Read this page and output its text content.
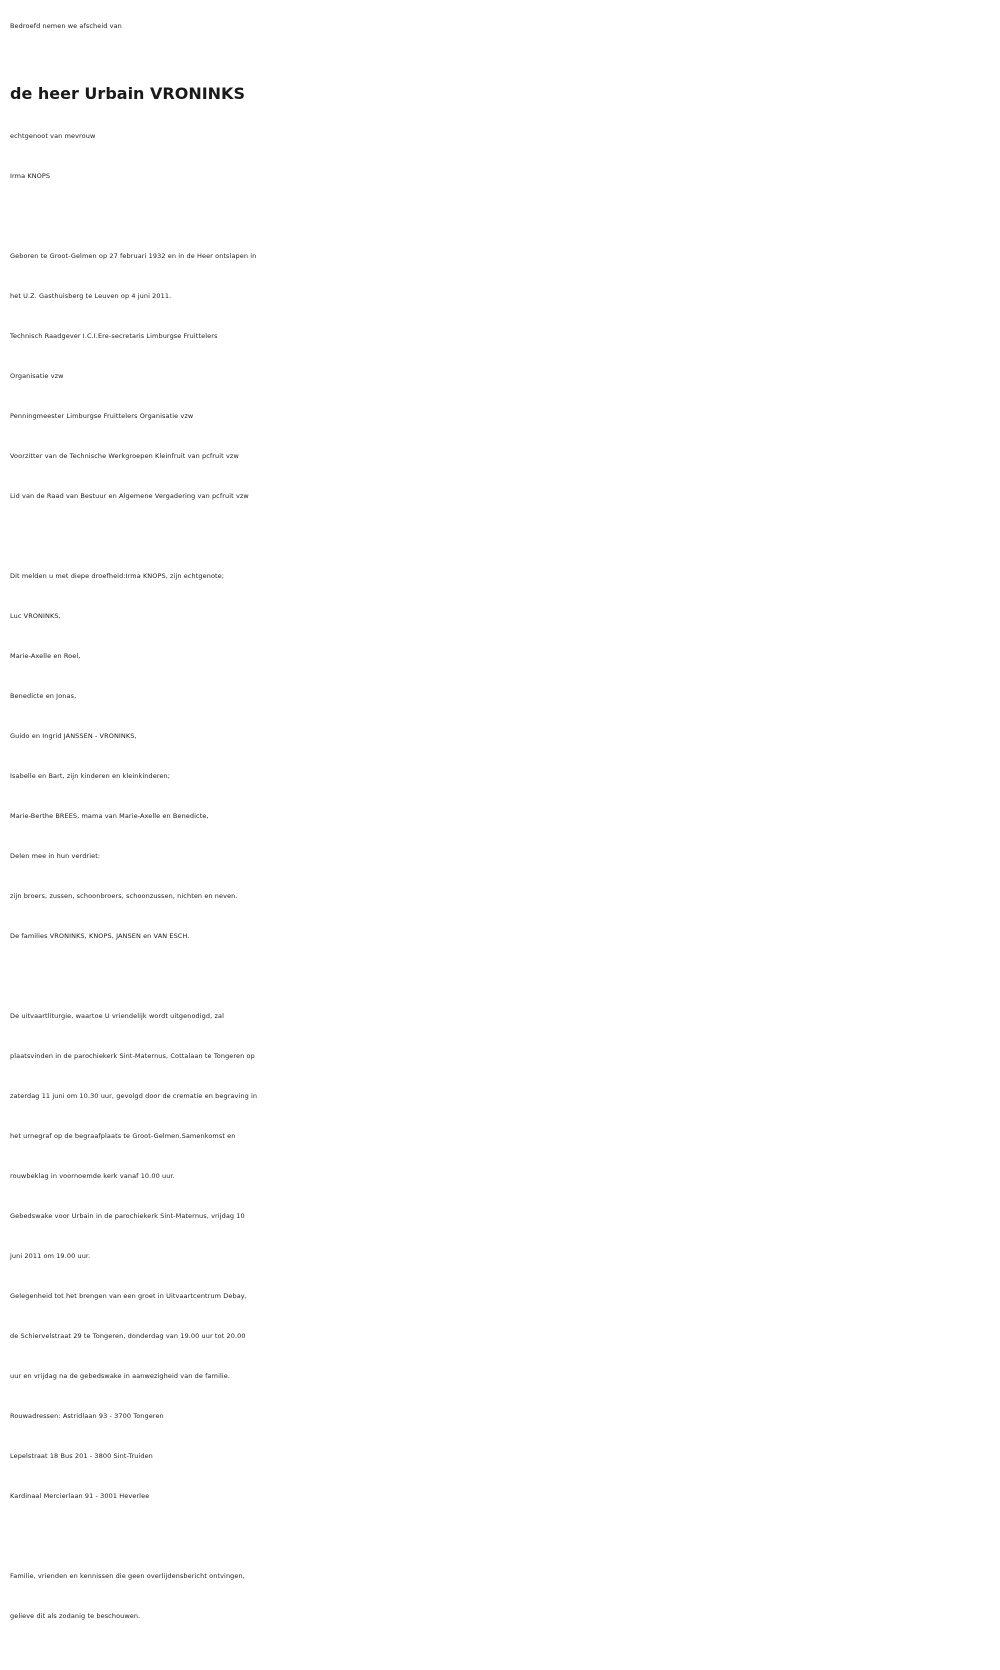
Bedroefd nemen we afscheid van
de heer Urbain VRONINKS
echtgenoot van mevrouw
Irma KNOPS
Geboren te Groot-Gelmen op 27 februari 1932 en in de Heer ontslapen in
het U.Z. Gasthuisberg te Leuven op 4 juni 2011.
Technisch Raadgever I.C.I.Ere-secretaris Limburgse Fruittelers
Organisatie vzw
Penningmeester Limburgse Fruittelers Organisatie vzw
Voorzitter van de Technische Werkgroepen Kleinfruit van pcfruit vzw
Lid van de Raad van Bestuur en Algemene Vergadering van pcfruit vzw
Dit melden u met diepe droefheid:Irma KNOPS, zijn echtgenote;
Luc VRONINKS,
Marie-Axelle en Roel,
Benedicte en Jonas,
Guido en Ingrid JANSSEN - VRONINKS,
Isabelle en Bart, zijn kinderen en kleinkinderen;
Marie-Berthe BREES, mama van Marie-Axelle en Benedicte,
Delen mee in hun verdriet:
zijn broers, zussen, schoonbroers, schoonzussen, nichten en neven.
De families VRONINKS, KNOPS, JANSEN en VAN ESCH.
De uitvaartliturgie, waartoe U vriendelijk wordt uitgenodigd, zal
plaatsvinden in de parochiekerk Sint-Maternus, Cottalaan te Tongeren op
zaterdag 11 juni om 10.30 uur, gevolgd door de crematie en begraving in
het urnegraf op de begraafplaats te Groot-Gelmen.Samenkomst en
rouwbeklag in voornoemde kerk vanaf 10.00 uur.
Gebedswake voor Urbain in de parochiekerk Sint-Maternus, vrijdag 10
juni 2011 om 19.00 uur.
Gelegenheid tot het brengen van een groet in Uitvaartcentrum Debay,
de Schiervelstraat 29 te Tongeren, donderdag van 19.00 uur tot 20.00
uur en vrijdag na de gebedswake in aanwezigheid van de familie.
Rouwadressen: Astridlaan 93 - 3700 Tongeren
Lepelstraat 18 Bus 201 - 3800 Sint-Truiden
Kardinaal Mercierlaan 91 - 3001 Heverlee
Familie, vrienden en kennissen die geen overlijdensbericht ontvingen,
gelieve dit als zodanig te beschouwen.
